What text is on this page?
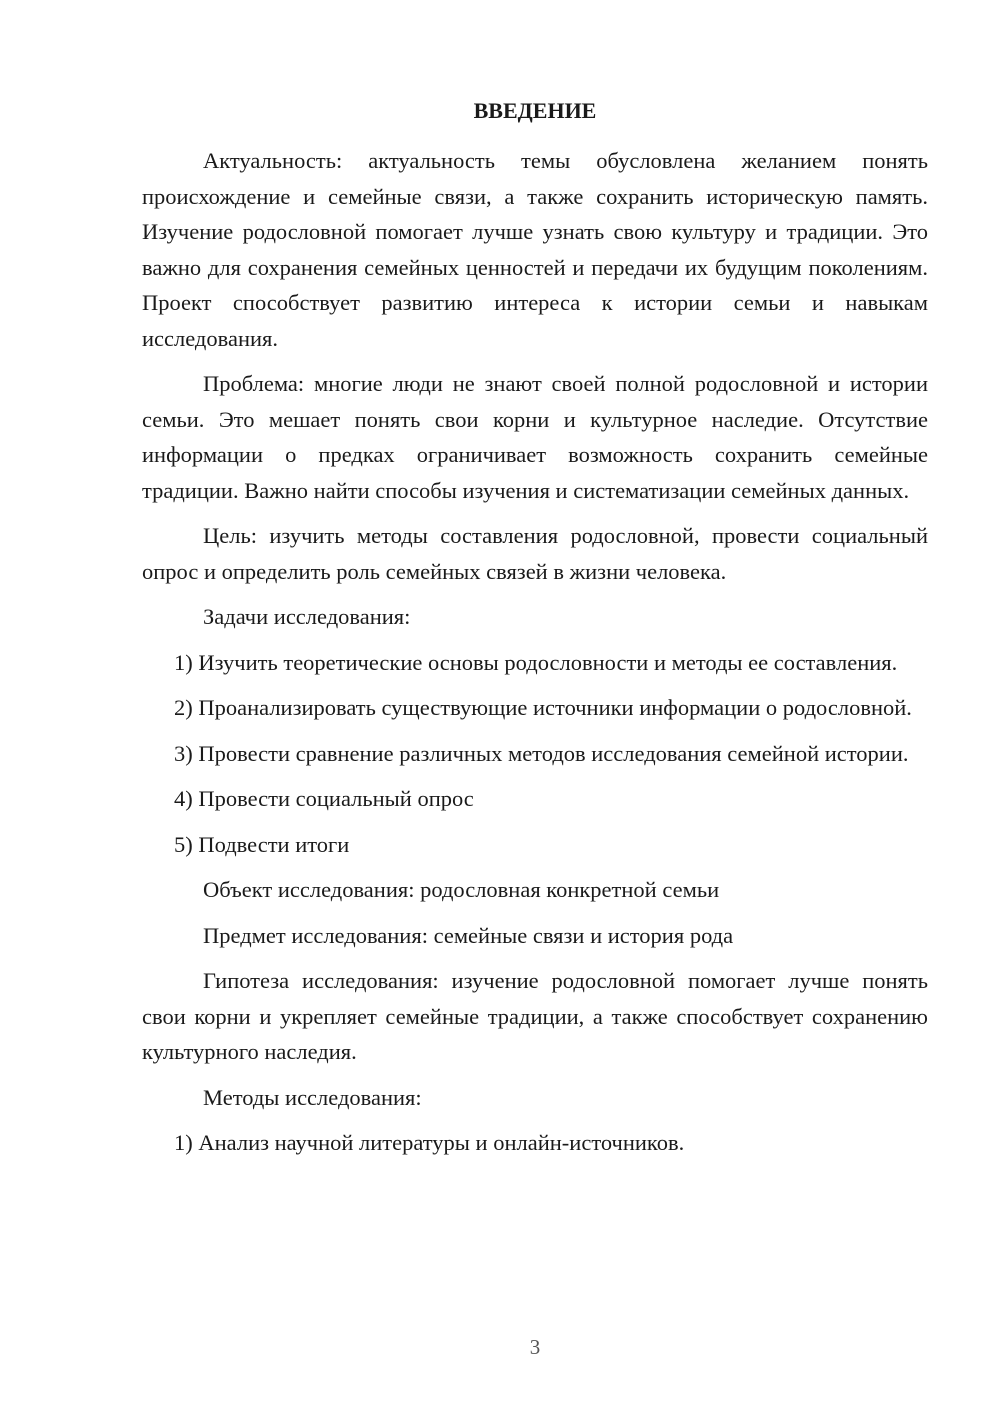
ВВЕДЕНИЕ

Актуальность: актуальность темы обусловлена желанием понять происхождение и семейные связи, а также сохранить историческую память. Изучение родословной помогает лучше узнать свою культуру и традиции. Это важно для сохранения семейных ценностей и передачи их будущим поколениям. Проект способствует развитию интереса к истории семьи и навыкам исследования.

Проблема: многие люди не знают своей полной родословной и истории семьи. Это мешает понять свои корни и культурное наследие. Отсутствие информации о предках ограничивает возможность сохранить семейные традиции. Важно найти способы изучения и систематизации семейных данных.

Цель: изучить методы составления родословной, провести социальный опрос и определить роль семейных связей в жизни человека.

Задачи исследования:

1) Изучить теоретические основы родословности и методы ее составления.

2) Проанализировать существующие источники информации о родословной.

3) Провести сравнение различных методов исследования семейной истории.

4) Провести социальный опрос

5) Подвести итоги

Объект исследования: родословная конкретной семьи

Предмет исследования: семейные связи и история рода

Гипотеза исследования: изучение родословной помогает лучше понять свои корни и укрепляет семейные традиции, а также способствует сохранению культурного наследия.

Методы исследования:

1) Анализ научной литературы и онлайн-источников.

3
